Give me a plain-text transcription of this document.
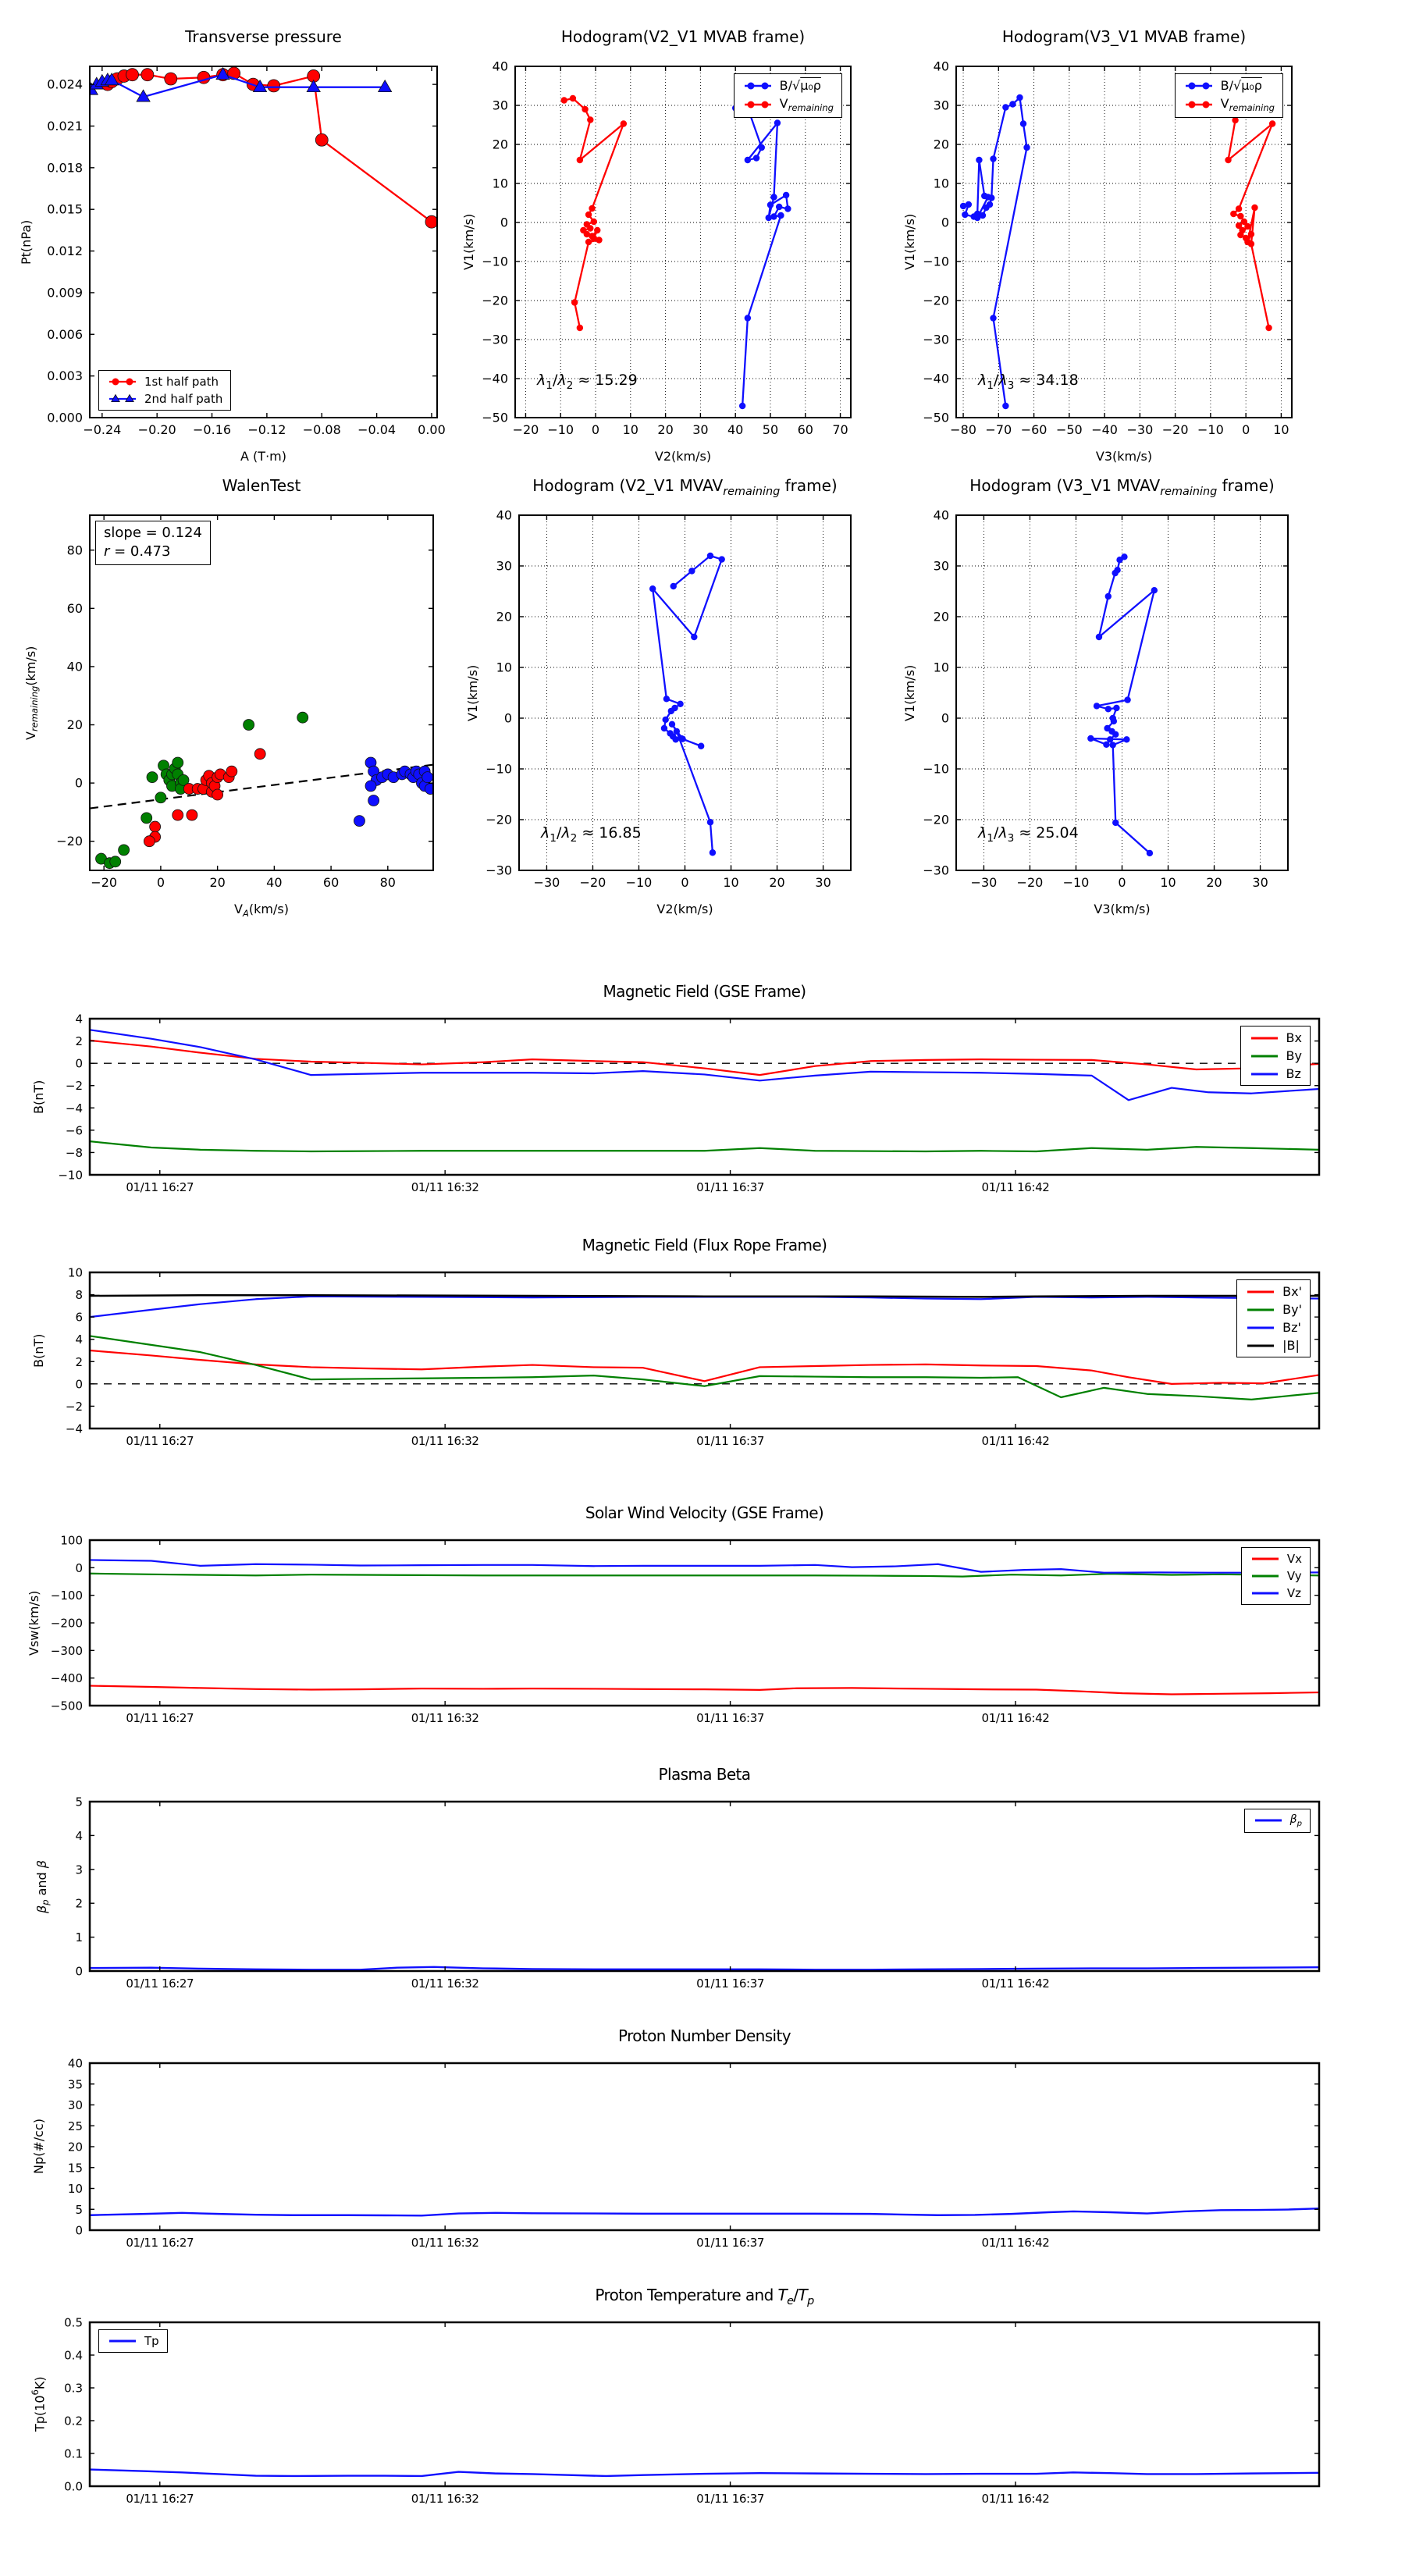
Transverse pressure
Pt(nPa)
−0.24 −0.20 −0.16 −0.12 −0.08 −0.04 0.00
0.000
0.003
0.006
0.009
0.012
0.015
0.018
0.021
0.024
1st half path
2nd half path
A (T·m)
Hodogram(V2_V1 MVAB frame)
V1(km/s)
−20 −10 0 10 20 30 40 50 60 70
40
30
20
10
0
−10
−20
−30
−40
−50
B/√μ₀ρ
$V_{remaining}$
$\lambda_1/\lambda_2 \approx 15.29$
V2(km/s)
Hodogram(V3_V1 MVAB frame)
V1(km/s)
−80 −70 −60 −50 −40 −30 −20 −10 0 10
40
30
20
10
0
−10
−20
−30
−40
−50
B/√μ₀ρ
$V_{remaining}$
$\lambda_1/\lambda_3 \approx 34.18$
V3(km/s)
WalenTest
$V_{remaining}(km/s)$
−20	0	20	40	60	80
−20
0
20
40
60
80
slope = 0.124
r = 0.473
$V_A(km/s)$
Hodogram (V2_V1 $MVAV_{remaining}$ frame)
V1(km/s)
−30 −20 −10 0	10 20 30
40
30
20
10
0
−10
−20
−30
$\lambda_1/\lambda_2 \approx 16.85$
V2(km/s)
Hodogram (V3_V1 $MVAV_{remaining}$ frame)
V1(km/s)
−30 −20 −10 0	10 20 30
40
30
20
10
0
−10
−20
−30
$\lambda_1/\lambda_3 \approx 25.04$
V3(km/s)
Magnetic Field (GSE Frame)
B(nT)
01/11 16:27	01/11 16:32	01/11 16:37	01/11 16:42
4
2
0
−2
−4
−6
−8
−10
Bx
By
Bz
Magnetic Field (Flux Rope Frame)
B(nT)
01/11 16:27	01/11 16:32	01/11 16:37	01/11 16:42
10
8
6
4
2
0
−2
−4
Bx'
By'
Bz'
|B|
Solar Wind Velocity (GSE Frame)
Vsw(km/s)
01/11 16:27	01/11 16:32	01/11 16:37	01/11 16:42
100
0
−100
−200
−300
−400
−500
Vx
Vy
Vz
Plasma Beta
$\beta_p$ and β
01/11 16:27	01/11 16:32	01/11 16:37	01/11 16:42
5
4
3
2
1
0
$\beta_p$
Proton Number Density
Np(#/cc)
01/11 16:27	01/11 16:32	01/11 16:37	01/11 16:42
40
35
30
25
20
15
10
5
0
Proton Temperature and $T_e/T_p$
$Tp(10^6K)$
01/11 16:27	01/11 16:32	01/11 16:37	01/11 16:42
0.5
0.4
0.3
0.2
0.1
0.0
Tp
